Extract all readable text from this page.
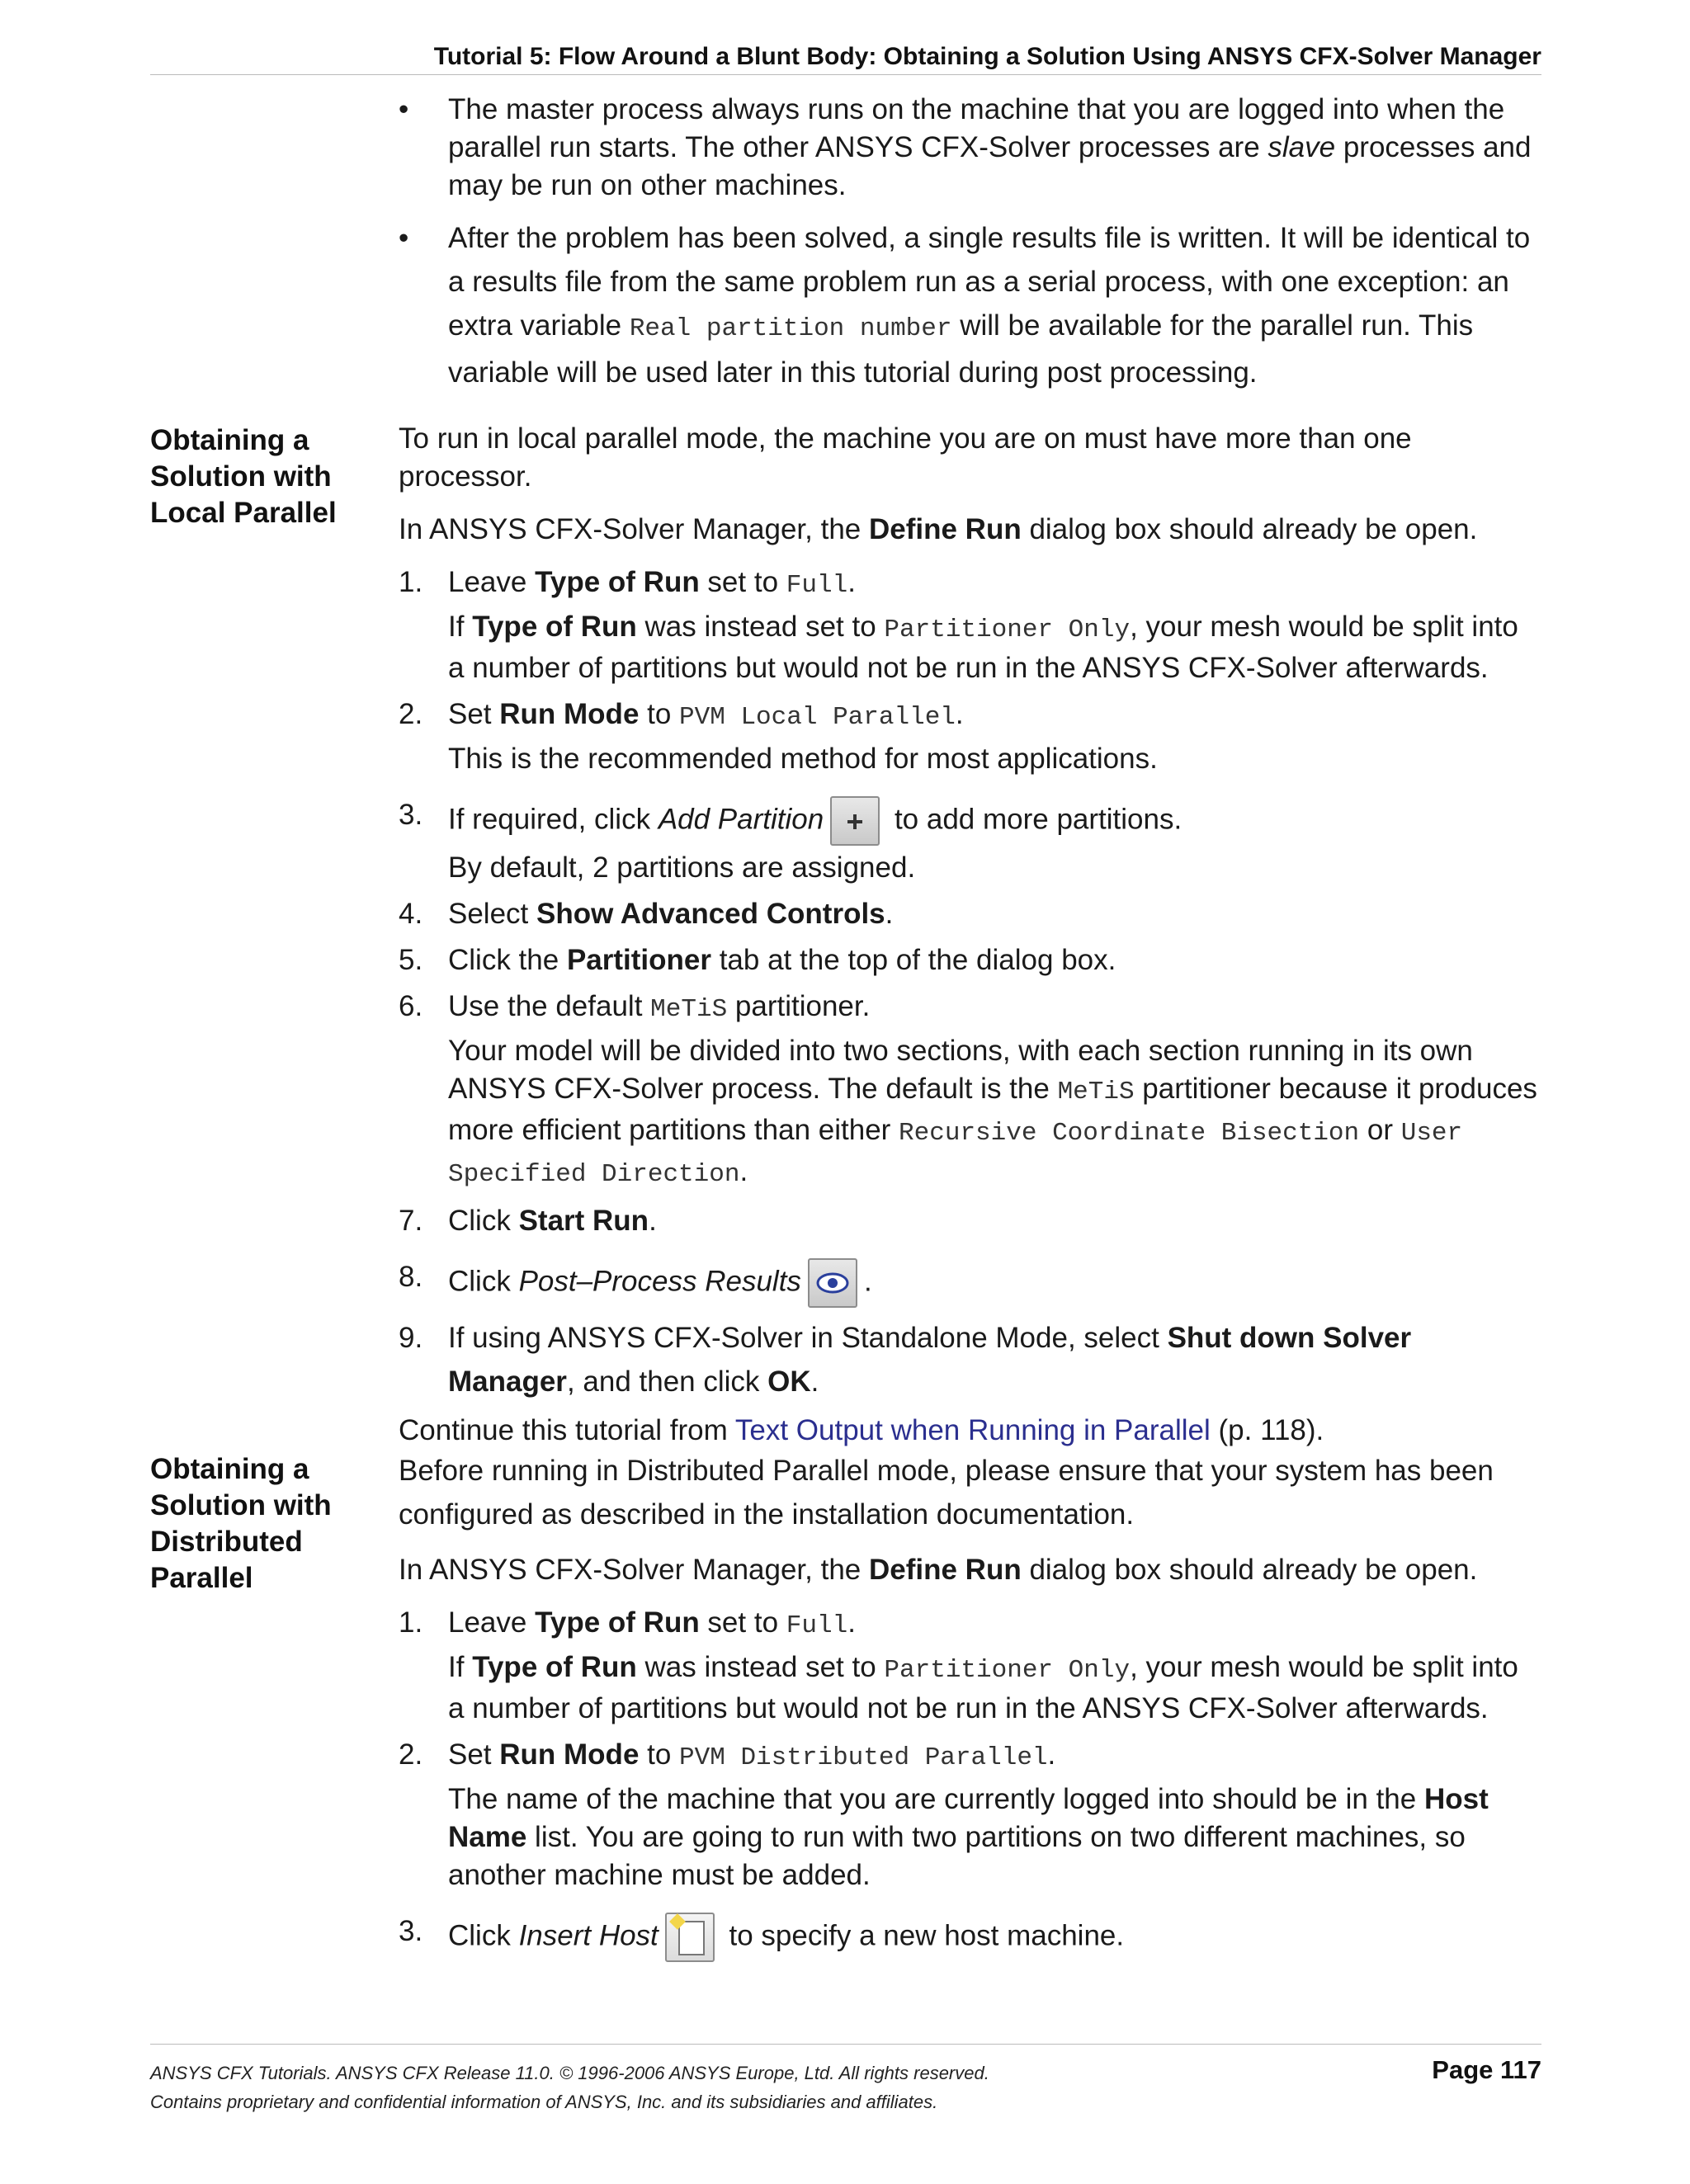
Tutorial 5: Flow Around a Blunt Body: Obtaining a Solution Using ANSYS CFX-Solver Manager
• The master process always runs on the machine that you are logged into when the parallel run starts. The other ANSYS CFX-Solver processes are slave processes and may be run on other machines.
• After the problem has been solved, a single results file is written. It will be identical to a results file from the same problem run as a serial process, with one exception: an extra variable Real partition number will be available for the parallel run. This variable will be used later in this tutorial during post processing.
Obtaining a Solution with Local Parallel

To run in local parallel mode, the machine you are on must have more than one processor.

In ANSYS CFX-Solver Manager, the Define Run dialog box should already be open.

1. Leave Type of Run set to Full.
If Type of Run was instead set to Partitioner Only, your mesh would be split into a number of partitions but would not be run in the ANSYS CFX-Solver afterwards.
2. Set Run Mode to PVM Local Parallel.
This is the recommended method for most applications.
3. If required, click Add Partition to add more partitions.
By default, 2 partitions are assigned.
4. Select Show Advanced Controls.
5. Click the Partitioner tab at the top of the dialog box.
6. Use the default MeTiS partitioner.
Your model will be divided into two sections, with each section running in its own ANSYS CFX-Solver process. The default is the MeTiS partitioner because it produces more efficient partitions than either Recursive Coordinate Bisection or User Specified Direction.
7. Click Start Run.
8. Click Post–Process Results .
9. If using ANSYS CFX-Solver in Standalone Mode, select Shut down Solver Manager, and then click OK.

Continue this tutorial from Text Output when Running in Parallel (p. 118).

Obtaining a Solution with Distributed Parallel

Before running in Distributed Parallel mode, please ensure that your system has been configured as described in the installation documentation.

In ANSYS CFX-Solver Manager, the Define Run dialog box should already be open.

1. Leave Type of Run set to Full.
If Type of Run was instead set to Partitioner Only, your mesh would be split into a number of partitions but would not be run in the ANSYS CFX-Solver afterwards.
2. Set Run Mode to PVM Distributed Parallel.
The name of the machine that you are currently logged into should be in the Host Name list. You are going to run with two partitions on two different machines, so another machine must be added.
3. Click Insert Host
to specify a new host machine.
ANSYS CFX Tutorials. ANSYS CFX Release 11.0. © 1996-2006 ANSYS Europe, Ltd. All rights reserved.
Contains proprietary and confidential information of ANSYS, Inc. and its subsidiaries and affiliates.
Page 117
